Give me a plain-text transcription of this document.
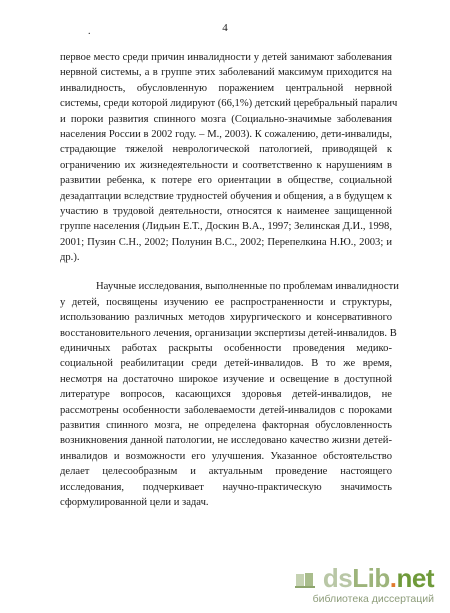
.	4
первое место среди причин инвалидности у детей занимают заболевания
нервной системы, а в группе этих заболеваний максимум приходится на
инвалидность, обусловленную поражением центральной нервной
системы, среди которой лидируют (66,1%) детский церебральный паралич
и пороки развития спинного мозга (Социально-значимые заболевания
населения России в 2002 году. – М., 2003). К сожалению, дети-инвалиды,
страдающие тяжелой неврологической патологией, приводящей к
ограничению их жизнедеятельности и соответственно к нарушениям в
развитии ребенка, к потере его ориентации в обществе, социальной
дезадаптации вследствие трудностей обучения и общения, а в будущем к
участию в трудовой деятельности, относятся к наименее защищенной
группе населения (Лидьин Е.Т., Доскин В.А., 1997; Зелинская Д.И., 1998,
2001; Пузин С.Н., 2002; Полунин В.С., 2002; Перепелкина Н.Ю., 2003; и
др.).
Научные исследования, выполненные по проблемам инвалидности
у детей, посвящены изучению ее распространенности и структуры,
использованию различных методов хирургического и консервативного
восстановительного лечения, организации экспертизы детей-инвалидов. В
единичных работах раскрыты особенности проведения медико-
социальной реабилитации среди детей-инвалидов. В то же время,
несмотря на достаточно широкое изучение и освещение в доступной
литературе вопросов, касающихся здоровья детей-инвалидов, не
рассмотрены особенности заболеваемости детей-инвалидов с пороками
развития спинного мозга, не определена факторная обусловленность
возникновения данной патологии, не исследовано качество жизни детей-
инвалидов и возможности его улучшения. Указанное обстоятельство
делает целесообразным и актуальным проведение настоящего
исследования, подчеркивает научно-практическую значимость
сформулированной цели и задач.
dsLib.net
библиотека диссертаций
